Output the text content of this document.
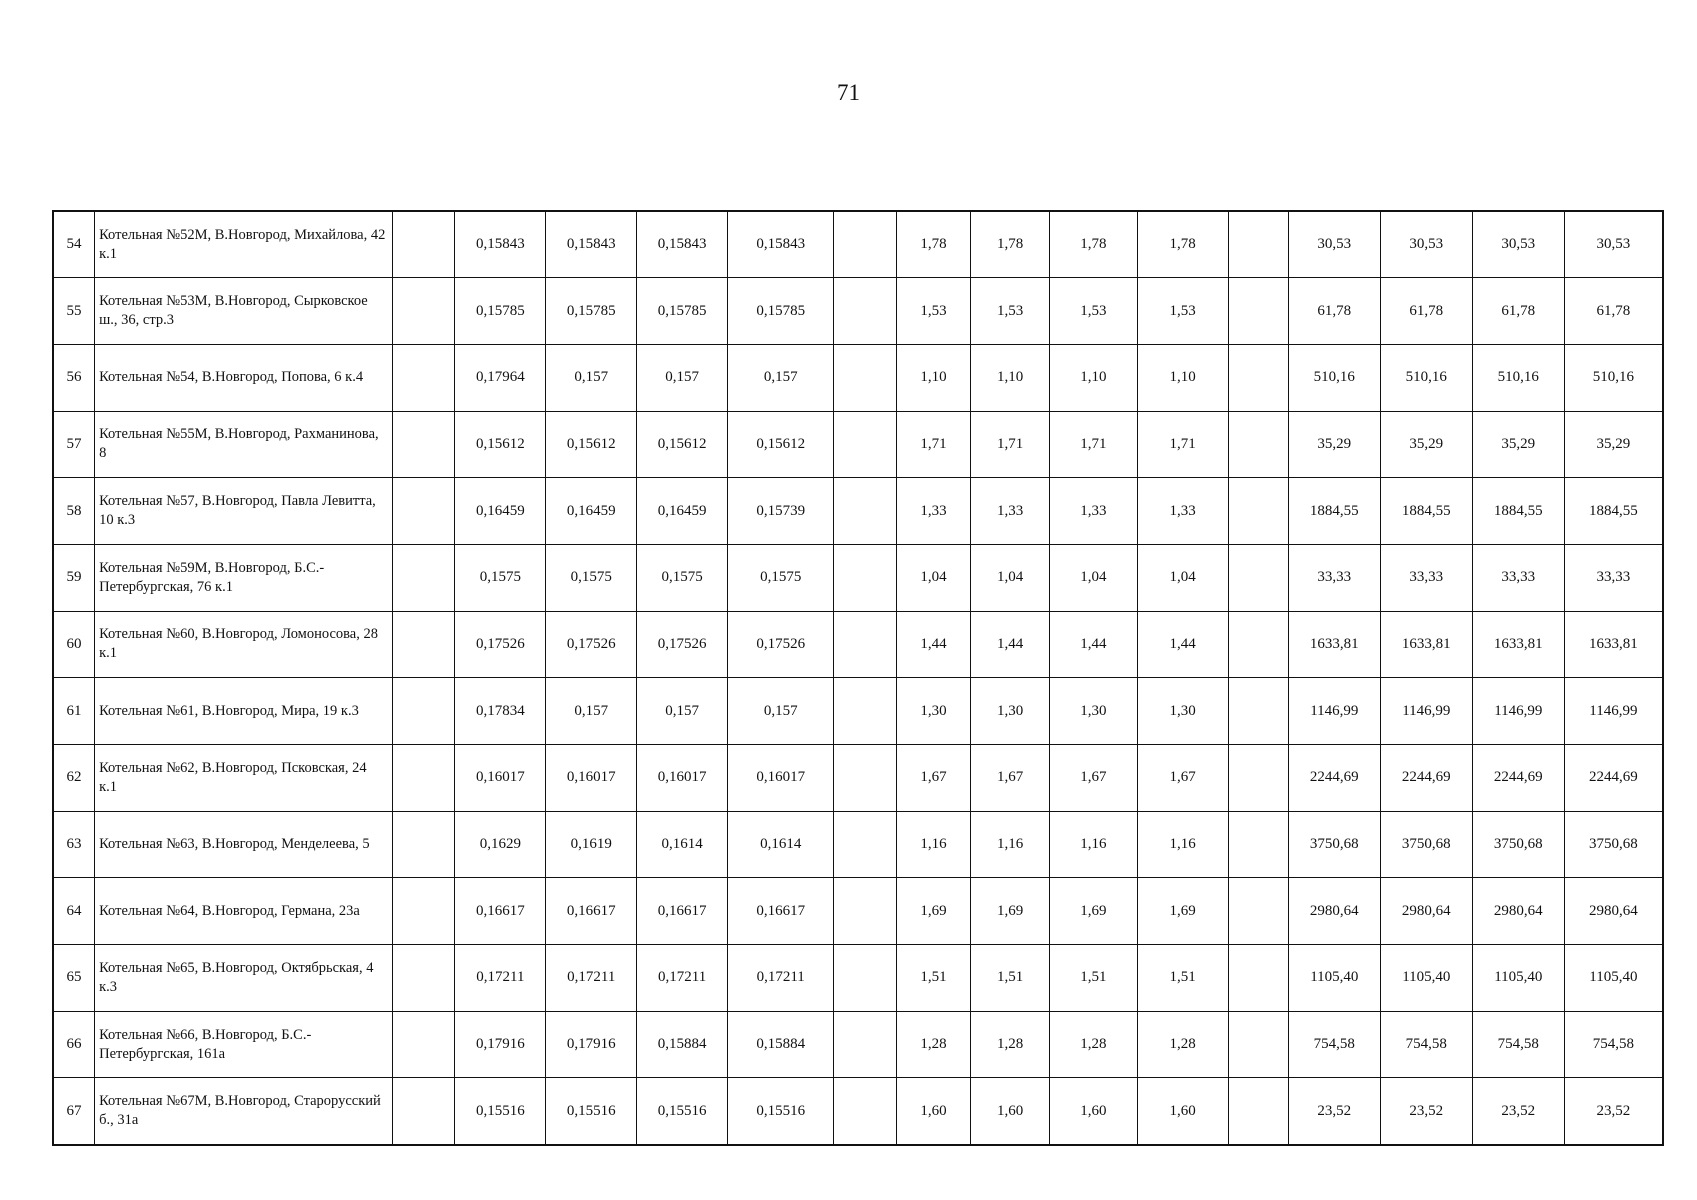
71
54	Котельная №52М, В.Новгород, Михайлова, 42 к.1		0,15843	0,15843	0,15843	0,15843		1,78	1,78	1,78	1,78		30,53	30,53	30,53	30,53
55	Котельная №53М, В.Новгород, Сырковское ш., 36, стр.3		0,15785	0,15785	0,15785	0,15785		1,53	1,53	1,53	1,53		61,78	61,78	61,78	61,78
56	Котельная №54, В.Новгород, Попова, 6 к.4		0,17964	0,157	0,157	0,157		1,10	1,10	1,10	1,10		510,16	510,16	510,16	510,16
57	Котельная №55М, В.Новгород, Рахманинова, 8		0,15612	0,15612	0,15612	0,15612		1,71	1,71	1,71	1,71		35,29	35,29	35,29	35,29
58	Котельная №57, В.Новгород, Павла Левитта, 10 к.3		0,16459	0,16459	0,16459	0,15739		1,33	1,33	1,33	1,33		1884,55	1884,55	1884,55	1884,55
59	Котельная №59М, В.Новгород, Б.С.-Петербургская, 76 к.1		0,1575	0,1575	0,1575	0,1575		1,04	1,04	1,04	1,04		33,33	33,33	33,33	33,33
60	Котельная №60, В.Новгород, Ломоносова, 28 к.1		0,17526	0,17526	0,17526	0,17526		1,44	1,44	1,44	1,44		1633,81	1633,81	1633,81	1633,81
61	Котельная №61, В.Новгород, Мира, 19 к.3		0,17834	0,157	0,157	0,157		1,30	1,30	1,30	1,30		1146,99	1146,99	1146,99	1146,99
62	Котельная №62, В.Новгород, Псковская, 24 к.1		0,16017	0,16017	0,16017	0,16017		1,67	1,67	1,67	1,67		2244,69	2244,69	2244,69	2244,69
63	Котельная №63, В.Новгород, Менделеева, 5		0,1629	0,1619	0,1614	0,1614		1,16	1,16	1,16	1,16		3750,68	3750,68	3750,68	3750,68
64	Котельная №64, В.Новгород, Германа, 23а		0,16617	0,16617	0,16617	0,16617		1,69	1,69	1,69	1,69		2980,64	2980,64	2980,64	2980,64
65	Котельная №65, В.Новгород, Октябрьская, 4 к.3		0,17211	0,17211	0,17211	0,17211		1,51	1,51	1,51	1,51		1105,40	1105,40	1105,40	1105,40
66	Котельная №66, В.Новгород, Б.С.-Петербургская, 161а		0,17916	0,17916	0,15884	0,15884		1,28	1,28	1,28	1,28		754,58	754,58	754,58	754,58
67	Котельная №67М, В.Новгород, Старорусский б., 31а		0,15516	0,15516	0,15516	0,15516		1,60	1,60	1,60	1,60		23,52	23,52	23,52	23,52
